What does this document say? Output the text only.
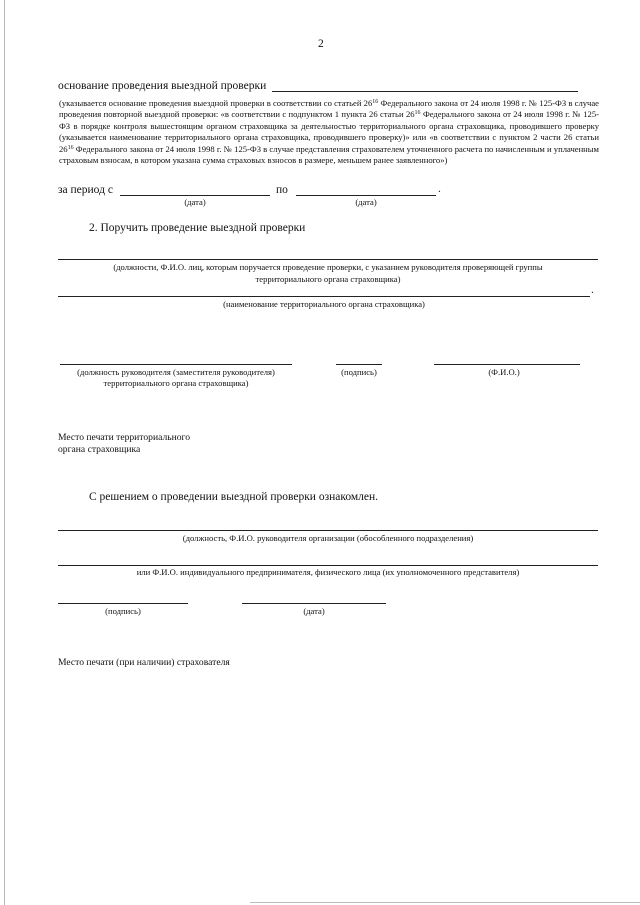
2
основание проведения выездной проверки
(указывается основание проведения выездной проверки в соответствии со статьей $26^{16}$ Федерального закона от 24 июля 1998 г. № 125-ФЗ в случае проведения повторной выездной проверки: «в соответствии с подпунктом 1 пункта 26 статьи $26^{16}$ Федерального закона от 24 июля 1998 г. № 125-ФЗ в порядке контроля вышестоящим органом страховщика за деятельностью территориального органа страховщика, проводившего проверку (указывается наименование территориального органа страховщика, проводившего проверку)» или «в соответствии с пунктом 2 части 26 статьи $26^{16}$ Федерального закона от 24 июля 1998 г. № 125-ФЗ в случае представления страхователем уточненного расчета по начисленным и уплаченным страховым взносам, в котором указана сумма страховых взносов в размере, меньшем ранее заявленного»)
за период с	по	.
(дата)	(дата)
2. Поручить проведение выездной проверки
(должности, Ф.И.О. лиц, которым поручается проведение проверки, с указанием руководителя проверяющей группы
территориального органа страховщика)
.
(наименование территориального органа страховщика)
(должность руководителя (заместителя руководителя)
территориального органа страховщика)
(подпись)	(Ф.И.О.)
Место печати территориального
органа страховщика
С решением о проведении выездной проверки ознакомлен.
(должность, Ф.И.О. руководителя организации (обособленного подразделения)
или Ф.И.О. индивидуального предпринимателя, физического лица (их уполномоченного представителя)
(подпись)	(дата)
Место печати (при наличии) страхователя
